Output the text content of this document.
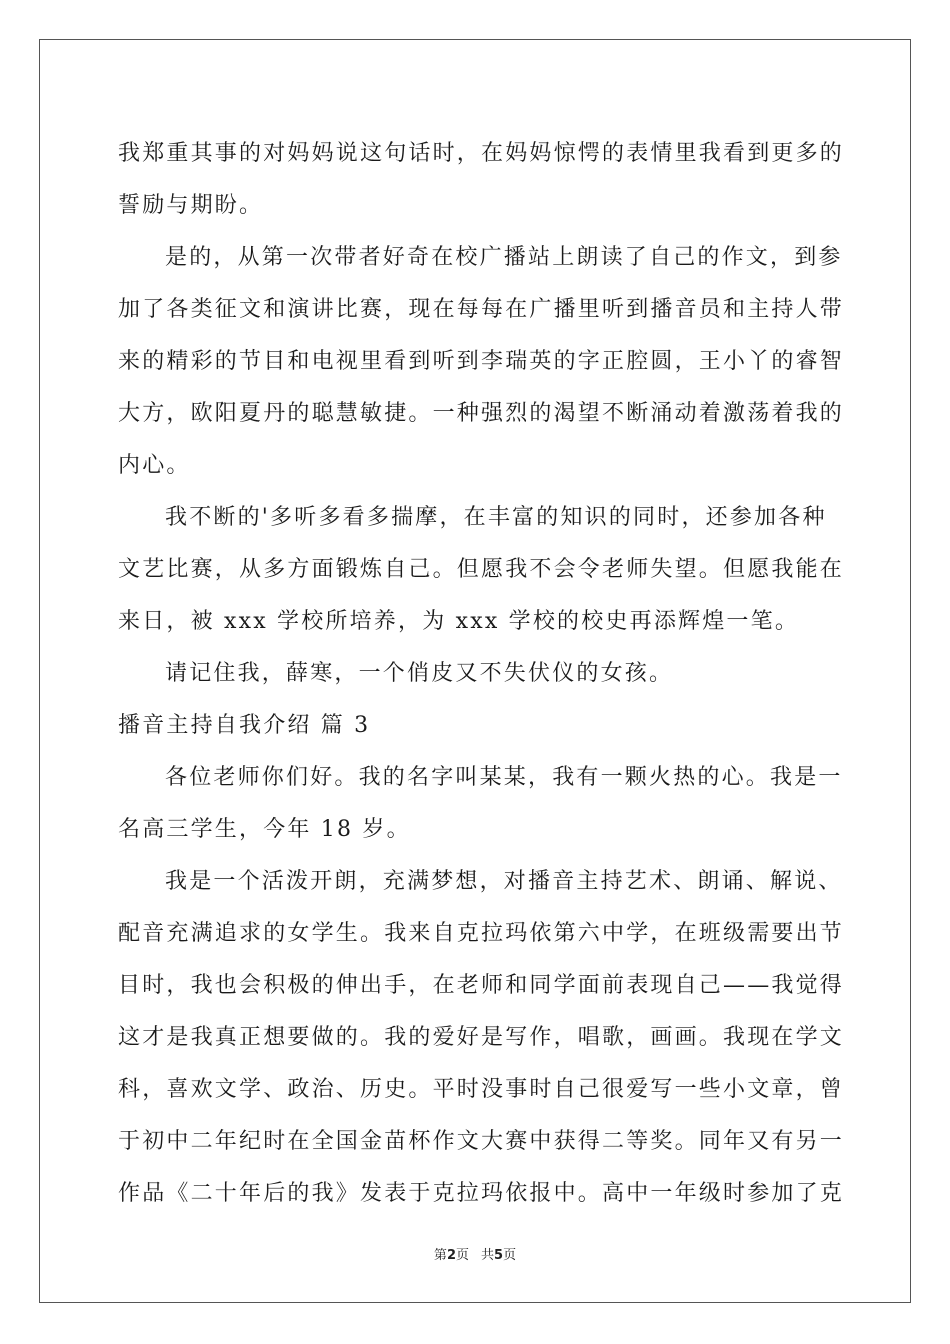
我郑重其事的对妈妈说这句话时，在妈妈惊愕的表情里我看到更多的
誓励与期盼。
是的，从第一次带者好奇在校广播站上朗读了自己的作文，到参
加了各类征文和演讲比赛，现在每每在广播里听到播音员和主持人带
来的精彩的节目和电视里看到听到李瑞英的字正腔圆，王小丫的睿智
大方，欧阳夏丹的聪慧敏捷。一种强烈的渴望不断涌动着激荡着我的
内心。
我不断的'多听多看多揣摩，在丰富的知识的同时，还参加各种
文艺比赛，从多方面锻炼自己。但愿我不会令老师失望。但愿我能在
来日，被 xxx 学校所培养，为 xxx 学校的校史再添辉煌一笔。
请记住我，薛寒，一个俏皮又不失伏仪的女孩。
播音主持自我介绍 篇 3
各位老师你们好。我的名字叫某某，我有一颗火热的心。我是一
名高三学生，今年 18 岁。
我是一个活泼开朗，充满梦想，对播音主持艺术、朗诵、解说、
配音充满追求的女学生。我来自克拉玛依第六中学，在班级需要出节
目时，我也会积极的伸出手，在老师和同学面前表现自己——我觉得
这才是我真正想要做的。我的爱好是写作，唱歌，画画。我现在学文
科，喜欢文学、政治、历史。平时没事时自己很爱写一些小文章，曾
于初中二年纪时在全国金苗杯作文大赛中获得二等奖。同年又有另一
作品《二十年后的我》发表于克拉玛依报中。高中一年级时参加了克
第2页 共5页
